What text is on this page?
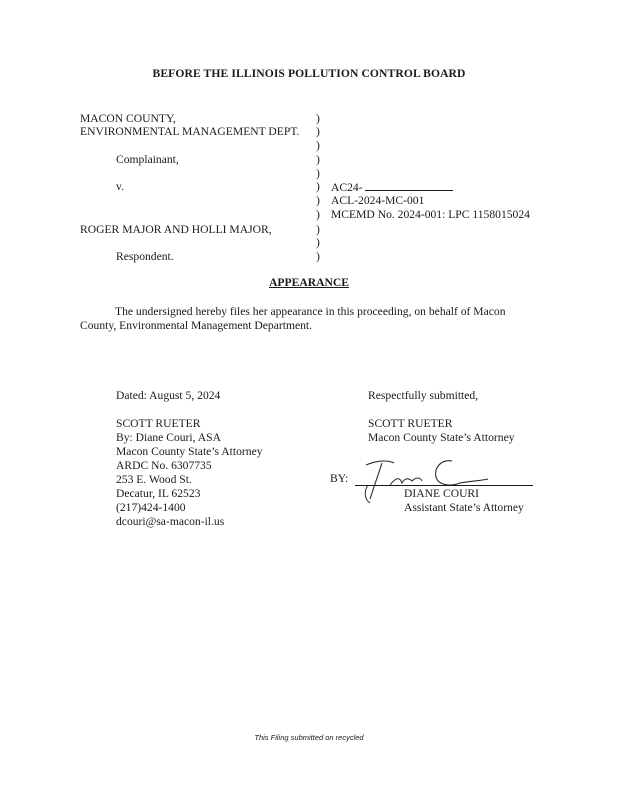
BEFORE THE ILLINOIS POLLUTION CONTROL BOARD
MACON COUNTY,
ENVIRONMENTAL MANAGEMENT DEPT.
Complainant,
v.
ROGER MAJOR AND HOLLI MAJOR,
Respondent.
)
)
)
)
)
)
)
)
)
)
)
AC24-
ACL-2024-MC-001
MCEMD No. 2024-001: LPC 1158015024
APPEARANCE
The undersigned hereby files her appearance in this proceeding, on behalf of Macon County, Environmental Management Department.
Dated: August 5, 2024
SCOTT RUETER
By: Diane Couri, ASA
Macon County State’s Attorney
ARDC No. 6307735
253 E. Wood St.
Decatur, IL 62523
(217)424-1400
dcouri@sa-macon-il.us
Respectfully submitted,
SCOTT RUETER
Macon County State’s Attorney
BY:
DIANE COURI
Assistant State’s Attorney
This Filing submitted on recycled
